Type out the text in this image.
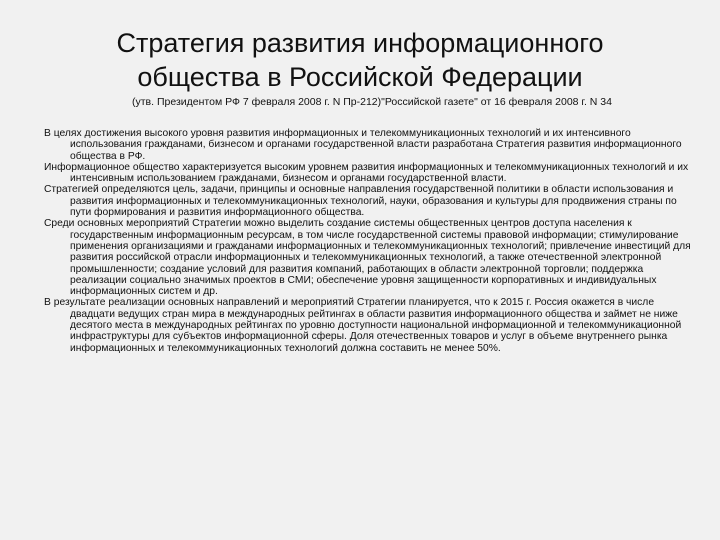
Стратегия развития информационного общества в Российской Федерации
(утв. Президентом РФ 7 февраля 2008 г. N Пр-212)"Российской газете" от 16 февраля 2008 г. N 34

В целях достижения высокого уровня развития информационных и телекоммуникационных технологий и их интенсивного использования гражданами, бизнесом и органами государственной власти разработана Стратегия развития информационного общества в РФ.

Информационное общество характеризуется высоким уровнем развития информационных и телекоммуникационных технологий и их интенсивным использованием гражданами, бизнесом и органами государственной власти.

Стратегией определяются цель, задачи, принципы и основные направления государственной политики в области использования и развития информационных и телекоммуникационных технологий, науки, образования и культуры для продвижения страны по пути формирования и развития информационного общества.

Среди основных мероприятий Стратегии можно выделить создание системы общественных центров доступа населения к государственным информационным ресурсам, в том числе государственной системы правовой информации; стимулирование применения организациями и гражданами информационных и телекоммуникационных технологий; привлечение инвестиций для развития российской отрасли информационных и телекоммуникационных технологий, а также отечественной электронной промышленности; создание условий для развития компаний, работающих в области электронной торговли; поддержка реализации социально значимых проектов в СМИ; обеспечение уровня защищенности корпоративных и индивидуальных информационных систем и др.

В результате реализации основных направлений и мероприятий Стратегии планируется, что к 2015 г. Россия окажется в числе двадцати ведущих стран мира в международных рейтингах в области развития информационного общества и займет не ниже десятого места в международных рейтингах по уровню доступности национальной информационной и телекоммуникационной инфраструктуры для субъектов информационной сферы. Доля отечественных товаров и услуг в объеме внутреннего рынка информационных и телекоммуникационных технологий должна составить не менее 50%.
